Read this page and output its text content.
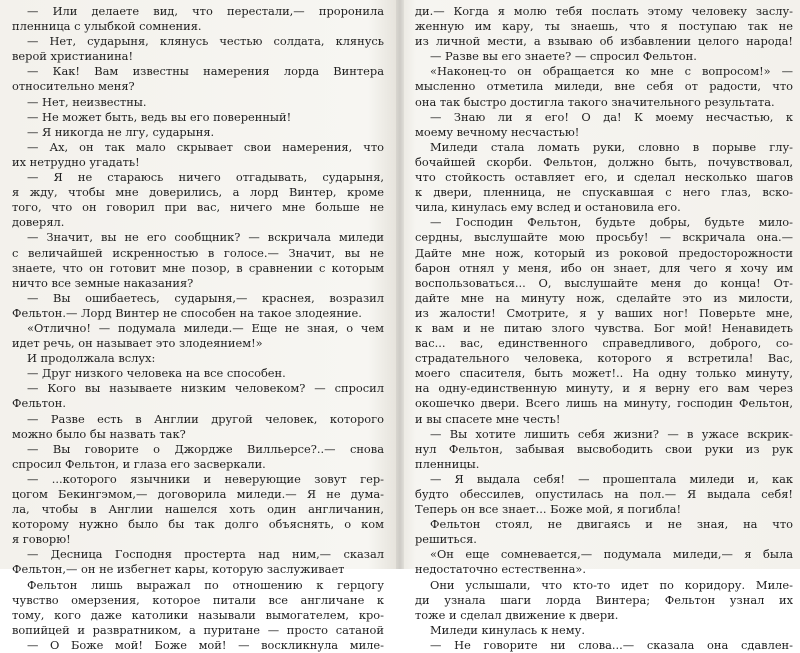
— Или делаете вид, что перестали,— проронила
пленница с улыбкой сомнения.
— Нет, сударыня, клянусь честью солдата, клянусь
верой христианина!
— Как! Вам известны намерения лорда Винтера
относительно меня?
— Нет, неизвестны.
— Не может быть, ведь вы его поверенный!
— Я никогда не лгу, сударыня.
— Ах, он так мало скрывает свои намерения, что
их нетрудно угадать!
— Я не стараюсь ничего отгадывать, сударыня,
я жду, чтобы мне доверились, а лорд Винтер, кроме
того, что он говорил при вас, ничего мне больше не
доверял.
— Значит, вы не его сообщник? — вскричала миледи
с величайшей искренностью в голосе.— Значит, вы не
знаете, что он готовит мне позор, в сравнении с которым
ничто все земные наказания?
— Вы ошибаетесь, сударыня,— краснея, возразил
Фельтон.— Лорд Винтер не способен на такое злодеяние.
«Отлично! — подумала миледи.— Еще не зная, о чем
идет речь, он называет это злодеянием!»
И продолжала вслух:
— Друг низкого человека на все способен.
— Кого вы называете низким человеком? — спросил
Фельтон.
— Разве есть в Англии другой человек, которого
можно было бы назвать так?
— Вы говорите о Джордже Вилльерсе?..— снова
спросил Фельтон, и глаза его засверкали.
— ...которого язычники и неверующие зовут гер-
цогом Бекингэмом,— договорила миледи.— Я не дума-
ла, чтобы в Англии нашелся хоть один англичанин,
которому нужно было бы так долго объяснять, о ком
я говорю!
— Десница Господня простерта над ним,— сказал
Фельтон,— он не избегнет кары, которую заслуживает
Фельтон лишь выражал по отношению к герцогу
чувство омерзения, которое питали все англичане к
тому, кого даже католики называли вымогателем, кро-
вопийцей и развратником, а пуритане — просто сатаной
— О Боже мой! Боже мой! — воскликнула миле-
ди.— Когда я молю тебя послать этому человеку заслу-
женную им кару, ты знаешь, что я поступаю так не
из личной мести, а взываю об избавлении целого народа!
— Разве вы его знаете? — спросил Фельтон.
«Наконец-то он обращается ко мне с вопросом!» —
мысленно отметила миледи, вне себя от радости, что
она так быстро достигла такого значительного результата.
— Знаю ли я его! О да! К моему несчастью, к
моему вечному несчастью!
Миледи стала ломать руки, словно в порыве глу-
бочайшей скорби. Фельтон, должно быть, почувствовал,
что стойкость оставляет его, и сделал несколько шагов
к двери, пленница, не спускавшая с него глаз, вско-
чила, кинулась ему вслед и остановила его.
— Господин Фельтон, будьте добры, будьте мило-
сердны, выслушайте мою просьбу! — вскричала она.—
Дайте мне нож, который из роковой предосторожности
барон отнял у меня, ибо он знает, для чего я хочу им
воспользоваться... О, выслушайте меня до конца! От-
дайте мне на минуту нож, сделайте это из милости,
из жалости! Смотрите, я у ваших ног! Поверьте мне,
к вам и не питаю злого чувства. Бог мой! Ненавидеть
вас... вас, единственного справедливого, доброго, со-
страдательного человека, которого я встретила! Вас,
моего спасителя, быть может!.. На одну только минуту,
на одну-единственную минуту, и я верну его вам через
окошечко двери. Всего лишь на минуту, господин Фельтон,
и вы спасете мне честь!
— Вы хотите лишить себя жизни? — в ужасе вскрик-
нул Фельтон, забывая высвободить свои руки из рук
пленницы.
— Я выдала себя! — прошептала миледи и, как
будто обессилев, опустилась на пол.— Я выдала себя!
Теперь он все знает... Боже мой, я погибла!
Фельтон стоял, не двигаясь и не зная, на что
решиться.
«Он еще сомневается,— подумала миледи,— я была
недостаточно естественна».
Они услышали, что кто-то идет по коридору. Миле-
ди узнала шаги лорда Винтера; Фельтон узнал их
тоже и сделал движение к двери.
Миледи кинулась к нему.
— Не говорите ни слова...— сказала она сдавлен-
